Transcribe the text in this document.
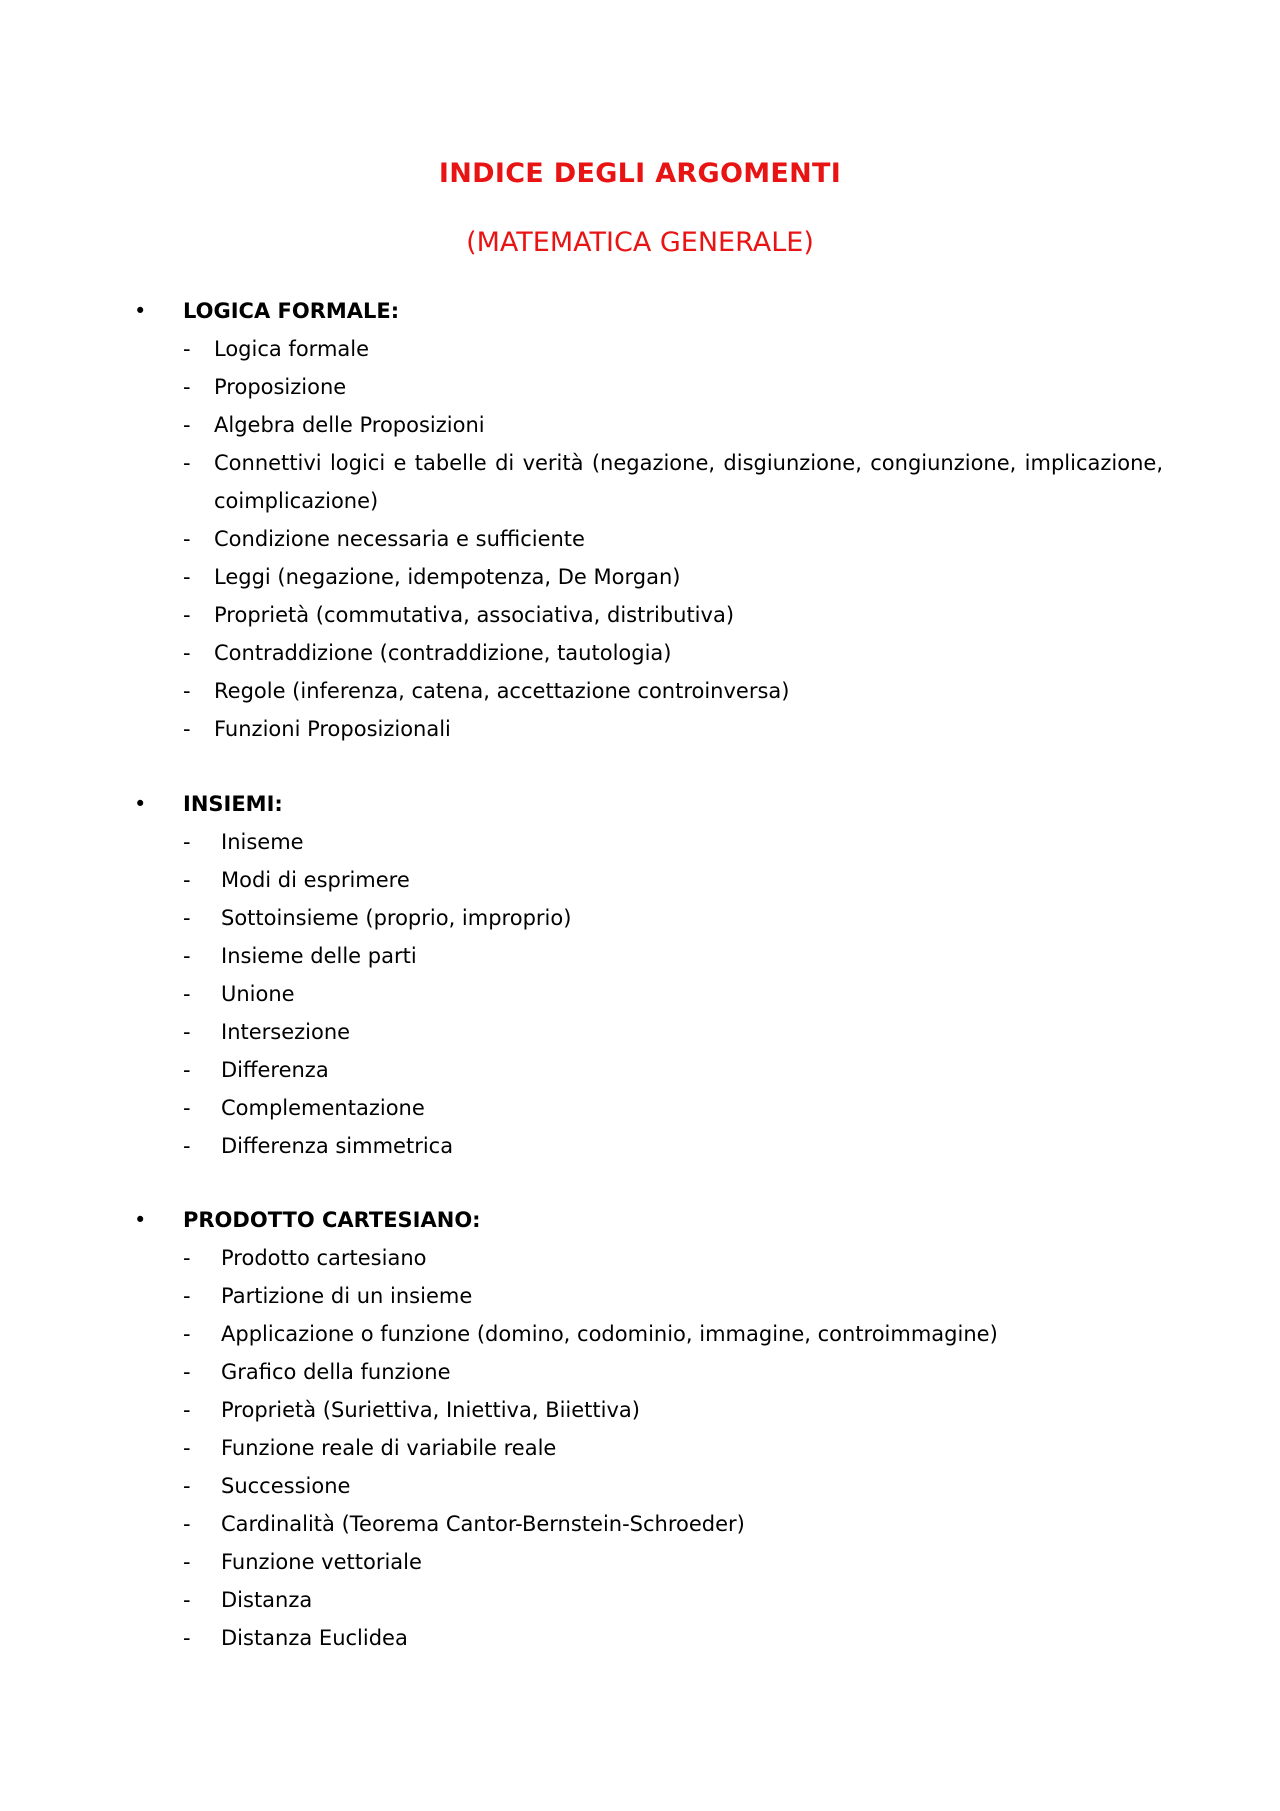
INDICE DEGLI ARGOMENTI
(MATEMATICA GENERALE)
• LOGICA FORMALE:
- Logica formale
- Proposizione
- Algebra delle Proposizioni
- Connettivi logici e tabelle di verità (negazione, disgiunzione, congiunzione, implicazione, coimplicazione)
- Condizione necessaria e sufficiente
- Leggi (negazione, idempotenza, De Morgan)
- Proprietà (commutativa, associativa, distributiva)
- Contraddizione (contraddizione, tautologia)
- Regole (inferenza, catena, accettazione controinversa)
- Funzioni Proposizionali
• INSIEMI:
- Iniseme
- Modi di esprimere
- Sottoinsieme (proprio, improprio)
- Insieme delle parti
- Unione
- Intersezione
- Differenza
- Complementazione
- Differenza simmetrica
• PRODOTTO CARTESIANO:
- Prodotto cartesiano
- Partizione di un insieme
- Applicazione o funzione (domino, codominio, immagine, controimmagine)
- Grafico della funzione
- Proprietà (Suriettiva, Iniettiva, Biiettiva)
- Funzione reale di variabile reale
- Successione
- Cardinalità (Teorema Cantor-Bernstein-Schroeder)
- Funzione vettoriale
- Distanza
- Distanza Euclidea
